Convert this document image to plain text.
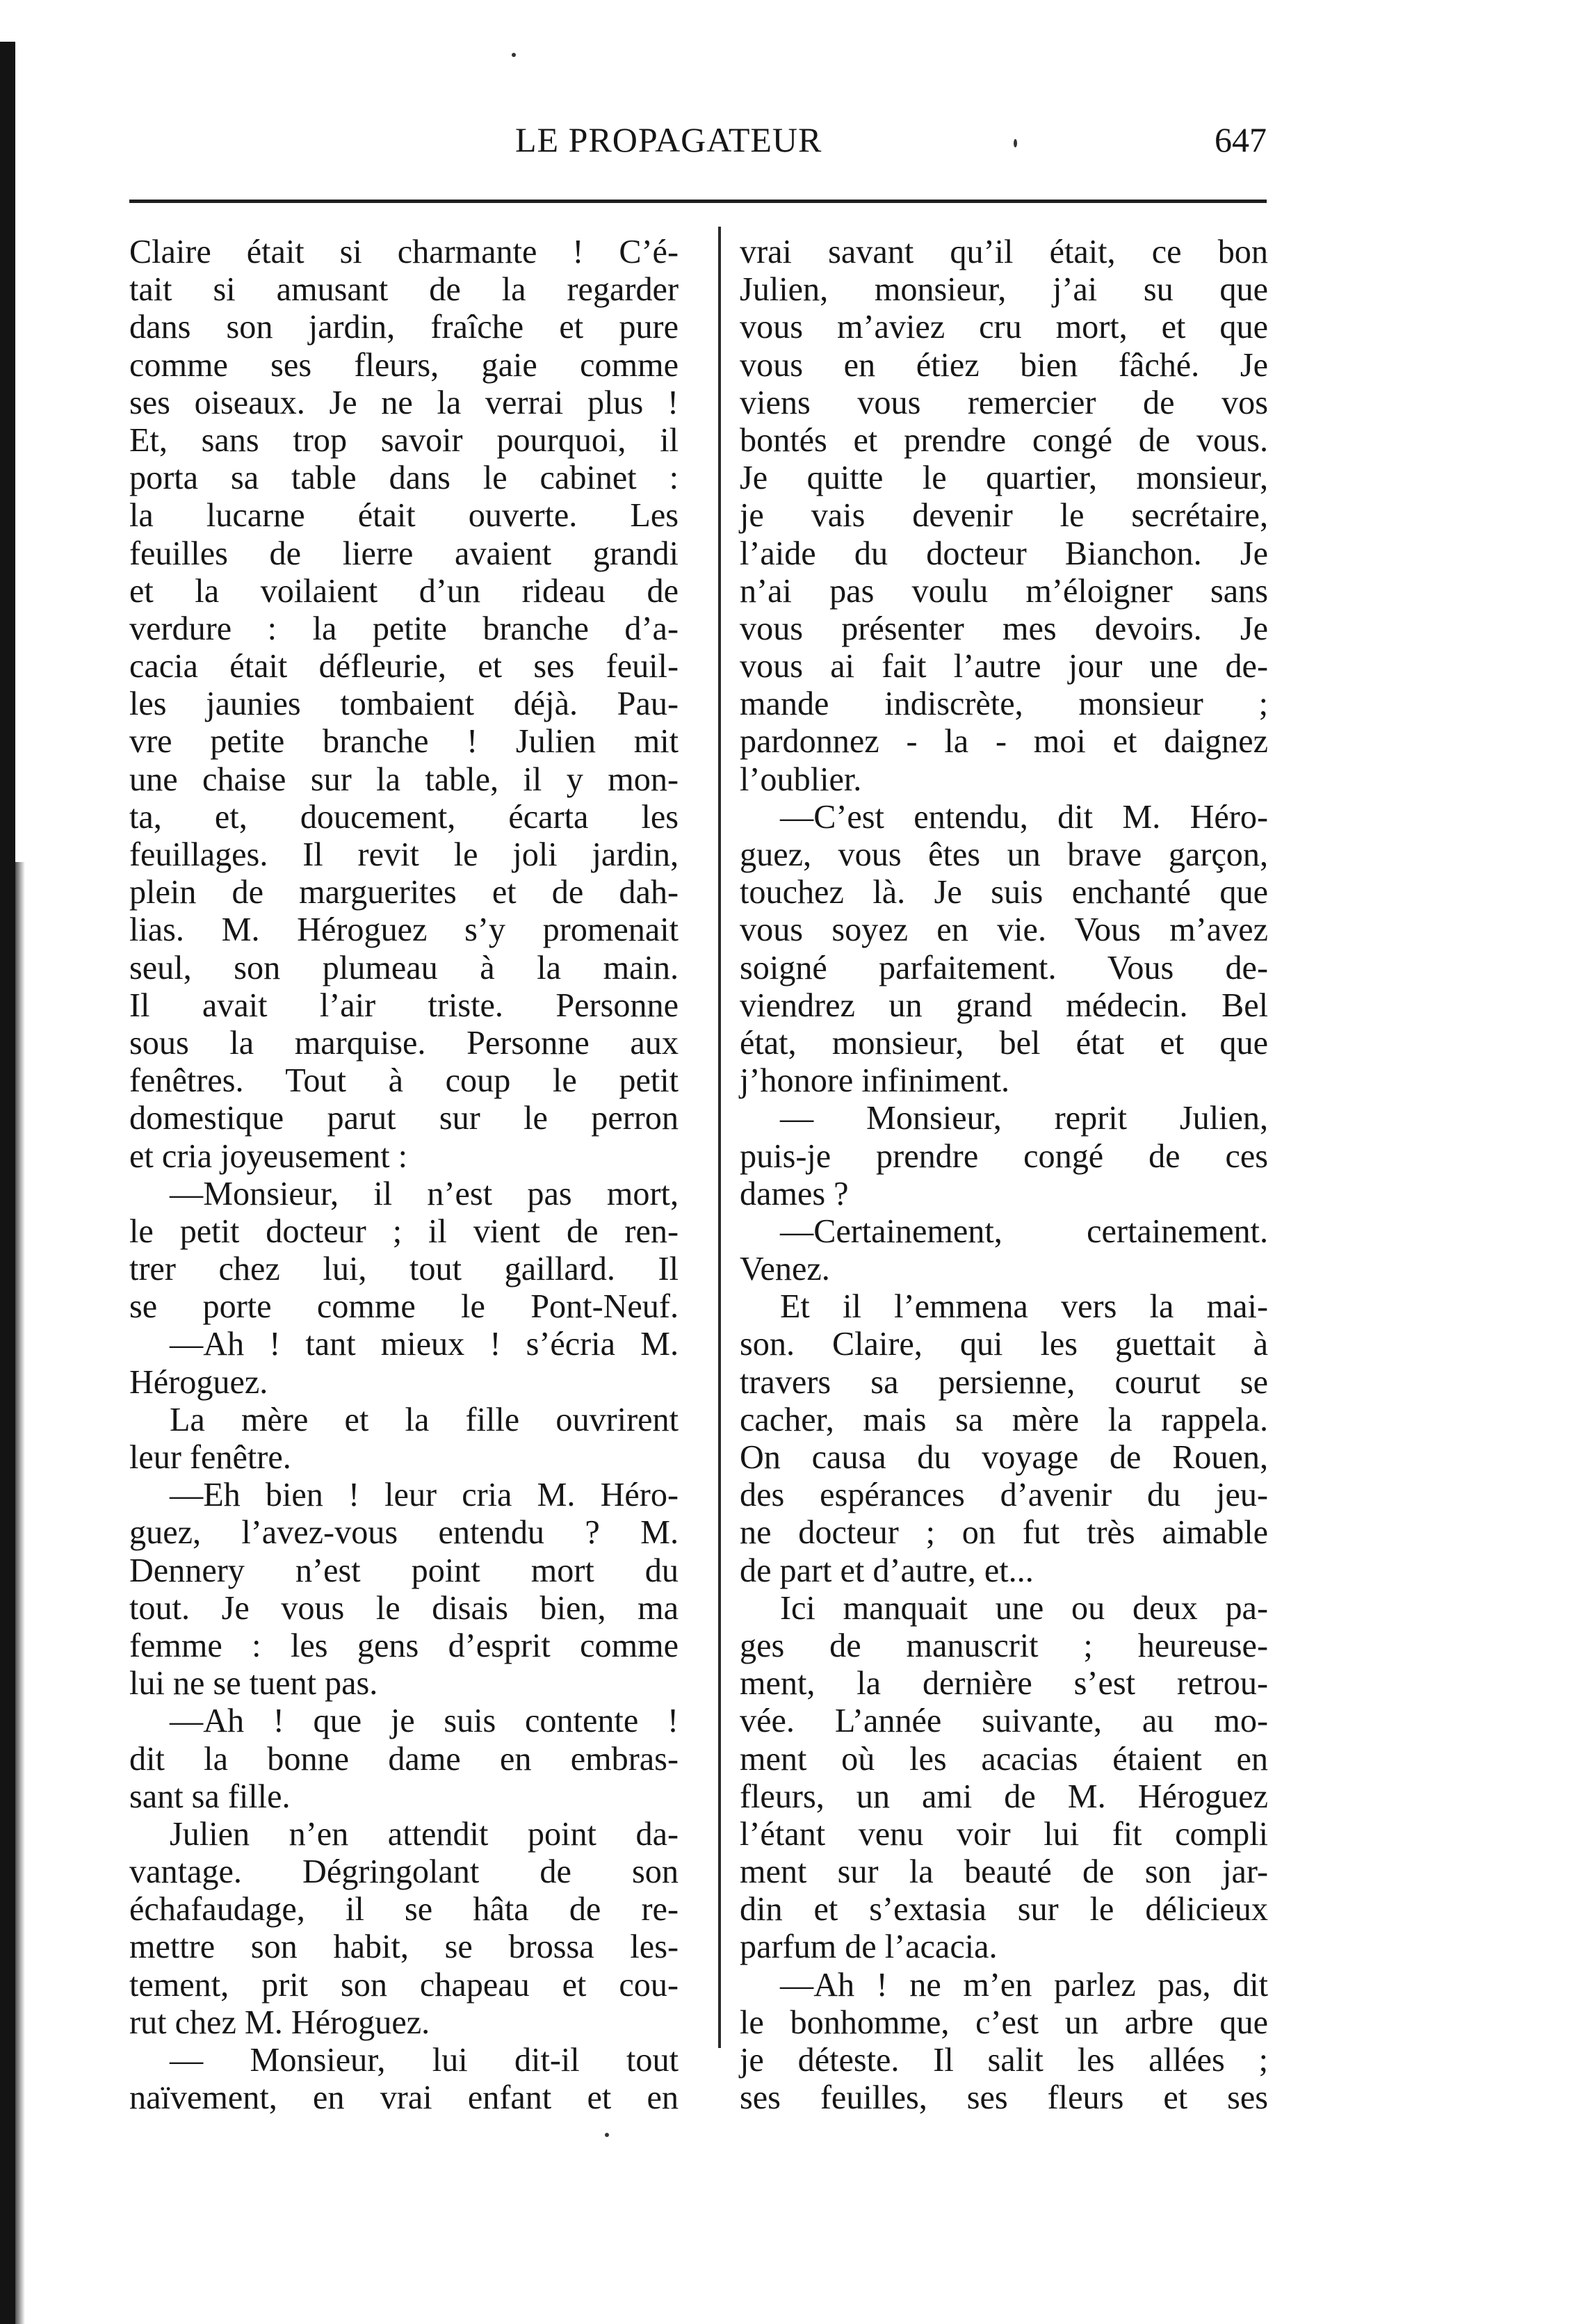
LE PROPAGATEUR	647
Claire était si charmante ! C’é-
tait si amusant de la regarder
dans son jardin, fraîche et pure
comme ses fleurs, gaie comme
ses oiseaux. Je ne la verrai plus !
Et, sans trop savoir pourquoi, il
porta sa table dans le cabinet :
la lucarne était ouverte. Les
feuilles de lierre avaient grandi
et la voilaient d’un rideau de
verdure : la petite branche d’a-
cacia était défleurie, et ses feuil-
les jaunies tombaient déjà. Pau-
vre petite branche ! Julien mit
une chaise sur la table, il y mon-
ta, et, doucement, écarta les
feuillages. Il revit le joli jardin,
plein de marguerites et de dah-
lias. M. Héroguez s’y promenait
seul, son plumeau à la main.
Il avait l’air triste. Personne
sous la marquise. Personne aux
fenêtres. Tout à coup le petit
domestique parut sur le perron
et cria joyeusement :
—Monsieur, il n’est pas mort,
le petit docteur ; il vient de ren-
trer chez lui, tout gaillard. Il
se porte comme le Pont-Neuf.
—Ah ! tant mieux ! s’écria M.
Héroguez.
La mère et la fille ouvrirent
leur fenêtre.
—Eh bien ! leur cria M. Héro-
guez, l’avez-vous entendu ? M.
Dennery n’est point mort du
tout. Je vous le disais bien, ma
femme : les gens d’esprit comme
lui ne se tuent pas.
—Ah ! que je suis contente !
dit la bonne dame en embras-
sant sa fille.
Julien n’en attendit point da-
vantage. Dégringolant de son
échafaudage, il se hâta de re-
mettre son habit, se brossa les-
tement, prit son chapeau et cou-
rut chez M. Héroguez.
— Monsieur, lui dit-il tout
naïvement, en vrai enfant et en
vrai savant qu’il était, ce bon
Julien, monsieur, j’ai su que
vous m’aviez cru mort, et que
vous en étiez bien fâché. Je
viens vous remercier de vos
bontés et prendre congé de vous.
Je quitte le quartier, monsieur,
je vais devenir le secrétaire,
l’aide du docteur Bianchon. Je
n’ai pas voulu m’éloigner sans
vous présenter mes devoirs. Je
vous ai fait l’autre jour une de-
mande indiscrète, monsieur ;
pardonnez - la - moi et daignez
l’oublier.
—C’est entendu, dit M. Héro-
guez, vous êtes un brave garçon,
touchez là. Je suis enchanté que
vous soyez en vie. Vous m’avez
soigné parfaitement. Vous de-
viendrez un grand médecin. Bel
état, monsieur, bel état et que
j’honore infiniment.
— Monsieur, reprit Julien,
puis-je prendre congé de ces
dames ?
—Certainement, certainement.
Venez.
Et il l’emmena vers la mai-
son. Claire, qui les guettait à
travers sa persienne, courut se
cacher, mais sa mère la rappela.
On causa du voyage de Rouen,
des espérances d’avenir du jeu-
ne docteur ; on fut très aimable
de part et d’autre, et...
Ici manquait une ou deux pa-
ges de manuscrit ; heureuse-
ment, la dernière s’est retrou-
vée. L’année suivante, au mo-
ment où les acacias étaient en
fleurs, un ami de M. Héroguez
l’étant venu voir lui fit compli
ment sur la beauté de son jar-
din et s’extasia sur le délicieux
parfum de l’acacia.
—Ah ! ne m’en parlez pas, dit
le bonhomme, c’est un arbre que
je déteste. Il salit les allées ;
ses feuilles, ses fleurs et ses
